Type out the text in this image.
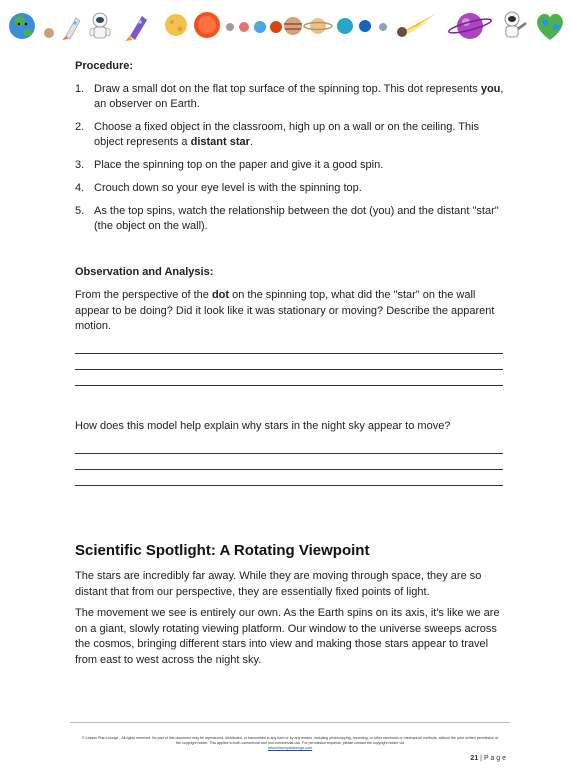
Procedure:
1. Draw a small dot on the flat top surface of the spinning top. This dot represents you, an observer on Earth.
2. Choose a fixed object in the classroom, high up on a wall or on the ceiling. This object represents a distant star.
3. Place the spinning top on the paper and give it a good spin.
4. Crouch down so your eye level is with the spinning top.
5. As the top spins, watch the relationship between the dot (you) and the distant "star" (the object on the wall).
Observation and Analysis:
From the perspective of the dot on the spinning top, what did the "star" on the wall appear to be doing? Did it look like it was stationary or moving? Describe the apparent motion.
How does this model help explain why stars in the night sky appear to move?
Scientific Spotlight: A Rotating Viewpoint
The stars are incredibly far away. While they are moving through space, they are so distant that from our perspective, they are essentially fixed points of light.
The movement we see is entirely our own. As the Earth spins on its axis, it's like we are on a giant, slowly rotating viewing platform. Our window to the universe sweeps across the cosmos, bringing different stars into view and making those stars appear to travel from east to west across the night sky.
© Lesson Plan Lounge - All rights reserved. No part of this document may be reproduced, distributed, or transmitted in any form or by any means, including photocopying, recording, or other electronic or mechanical methods, without the prior written permission of the copyright holder. This applies to both commercial and non-commercial use. For permission requests, please contact the copyright holder via
www.lessonplanlounge.com
21 | P a g e
